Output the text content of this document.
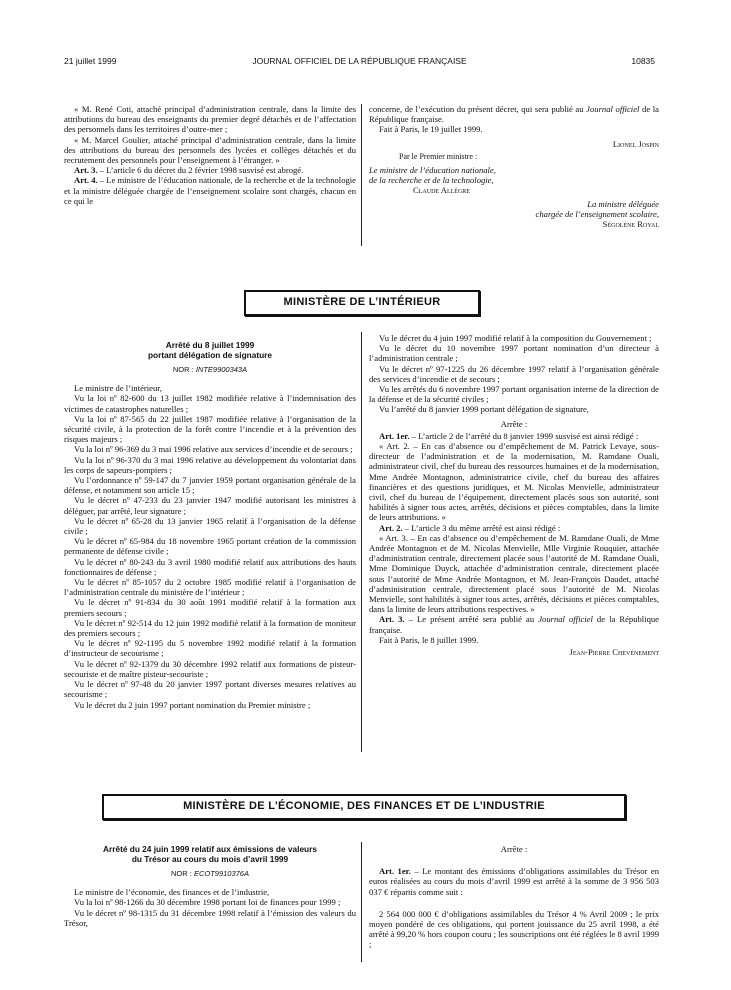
21 juillet 1999	JOURNAL OFFICIEL DE LA RÉPUBLIQUE FRANÇAISE	10835

« M. René Coti, attaché principal d’administration centrale, dans la limite des attributions du bureau des enseignants du premier degré détachés et de l’affectation des personnels dans les territoires d’outre-mer ;

« M. Marcel Goulier, attaché principal d’administration centrale, dans la limite des attributions du bureau des personnels des lycées et collèges détachés et du recrutement des personnels pour l’enseignement à l’étranger. »

Art. 3. – L’article 6 du décret du 2 février 1998 susvisé est abrogé.

Art. 4. – Le ministre de l’éducation nationale, de la recherche et de la technologie et la ministre déléguée chargée de l’enseignement scolaire sont chargés, chacun en ce qui le

concerne, de l’exécution du présent décret, qui sera publié au Journal officiel de la République française.

Fait à Paris, le 19 juillet 1999.

Lionel Jospin
Par le Premier ministre :
Le ministre de l’éducation nationale,
de la recherche et de la technologie,
Claude Allègre
La ministre déléguée
chargée de l’enseignement scolaire,
Ségolène Royal
MINISTÈRE DE L’INTÉRIEUR
Arrêté du 8 juillet 1999
portant délégation de signature
NOR : INTE9900343A

Le ministre de l’intérieur,

Vu la loi nº 82-600 du 13 juillet 1982 modifiée relative à l’indemnisation des victimes de catastrophes naturelles ;

Vu la loi nº 87-565 du 22 juillet 1987 modifiée relative à l’organisation de la sécurité civile, à la protection de la forêt contre l’incendie et à la prévention des risques majeurs ;

Vu la loi nº 96-369 du 3 mai 1996 relative aux services d’incendie et de secours ;

Vu la loi nº 96-370 du 3 mai 1996 relative au développement du volontariat dans les corps de sapeurs-pompiers ;

Vu l’ordonnance nº 59-147 du 7 janvier 1959 portant organisation générale de la défense, et notamment son article 15 ;

Vu le décret nº 47-233 du 23 janvier 1947 modifié autorisant les ministres à déléguer, par arrêté, leur signature ;

Vu le décret nº 65-28 du 13 janvier 1965 relatif à l’organisation de la défense civile ;

Vu le décret nº 65-984 du 18 novembre 1965 portant création de la commission permanente de défense civile ;

Vu le décret nº 80-243 du 3 avril 1980 modifié relatif aux attributions des hauts fonctionnaires de défense ;

Vu le décret nº 85-1057 du 2 octobre 1985 modifié relatif à l’organisation de l’administration centrale du ministère de l’intérieur ;

Vu le décret nº 91-834 du 30 août 1991 modifié relatif à la formation aux premiers secours ;

Vu le décret nº 92-514 du 12 juin 1992 modifié relatif à la formation de moniteur des premiers secours ;

Vu le décret nº 92-1195 du 5 novembre 1992 modifié relatif à la formation d’instructeur de secourisme ;

Vu le décret nº 92-1379 du 30 décembre 1992 relatif aux formations de pisteur-secouriste et de maître pisteur-secouriste ;

Vu le décret nº 97-48 du 20 janvier 1997 portant diverses mesures relatives au secourisme ;

Vu le décret du 2 juin 1997 portant nomination du Premier ministre ;

Vu le décret du 4 juin 1997 modifié relatif à la composition du Gouvernement ;

Vu le décret du 10 novembre 1997 portant nomination d’un directeur à l’administration centrale ;

Vu le décret nº 97-1225 du 26 décembre 1997 relatif à l’organisation générale des services d’incendie et de secours ;

Vu les arrêtés du 6 novembre 1997 portant organisation interne de la direction de la défense et de la sécurité civiles ;

Vu l’arrêté du 8 janvier 1999 portant délégation de signature,

Arrête :

Art. 1er. – L’article 2 de l’arrêté du 8 janvier 1999 susvisé est ainsi rédigé :

« Art. 2. – En cas d’absence ou d’empêchement de M. Patrick Levaye, sous-directeur de l’administration et de la modernisation, M. Ramdane Ouali, administrateur civil, chef du bureau des ressources humaines et de la modernisation, Mme Andrée Montagnon, administratrice civile, chef du bureau des affaires financières et des questions juridiques, et M. Nicolas Menvielle, administrateur civil, chef du bureau de l’équipement, directement placés sous son autorité, sont habilités à signer tous actes, arrêtés, décisions et pièces comptables, dans la limite de leurs attributions. »

Art. 2. – L’article 3 du même arrêté est ainsi rédigé :

« Art. 3. – En cas d’absence ou d’empêchement de M. Ramdane Ouali, de Mme Andrée Montagnon et de M. Nicolas Menvielle, Mlle Virginie Rouquier, attachée d’administration centrale, directement placée sous l’autorité de M. Ramdane Ouali, Mme Dominique Duyck, attachée d’administration centrale, directement placée sous l’autorité de Mme Andrée Montagnon, et M. Jean-François Daudet, attaché d’administration centrale, directement placé sous l’autorité de M. Nicolas Menvielle, sont habilités à signer tous actes, arrêtés, décisions et pièces comptables, dans la limite de leurs attributions respectives. »

Art. 3. – Le présent arrêté sera publié au Journal officiel de la République française.

Fait à Paris, le 8 juillet 1999.

Jean-Pierre Chevènement
MINISTÈRE DE L’ÉCONOMIE, DES FINANCES ET DE L’INDUSTRIE
Arrêté du 24 juin 1999 relatif aux émissions de valeurs
du Trésor au cours du mois d’avril 1999
NOR : ECOT9910376A

Le ministre de l’économie, des finances et de l’industrie,

Vu la loi nº 98-1266 du 30 décembre 1998 portant loi de finances pour 1999 ;

Vu le décret nº 98-1315 du 31 décembre 1998 relatif à l’émission des valeurs du Trésor,

Arrête :

Art. 1er. – Le montant des émissions d’obligations assimilables du Trésor en euros réalisées au cours du mois d’avril 1999 est arrêté à la somme de 3 956 503 037 € répartis comme suit :

2 564 000 000 € d’obligations assimilables du Trésor 4 % Avril 2009 ; le prix moyen pondéré de ces obligations, qui portent jouissance du 25 avril 1998, a été arrêté à 99,20 % hors coupon couru ; les souscriptions ont été réglées le 8 avril 1999 ;
